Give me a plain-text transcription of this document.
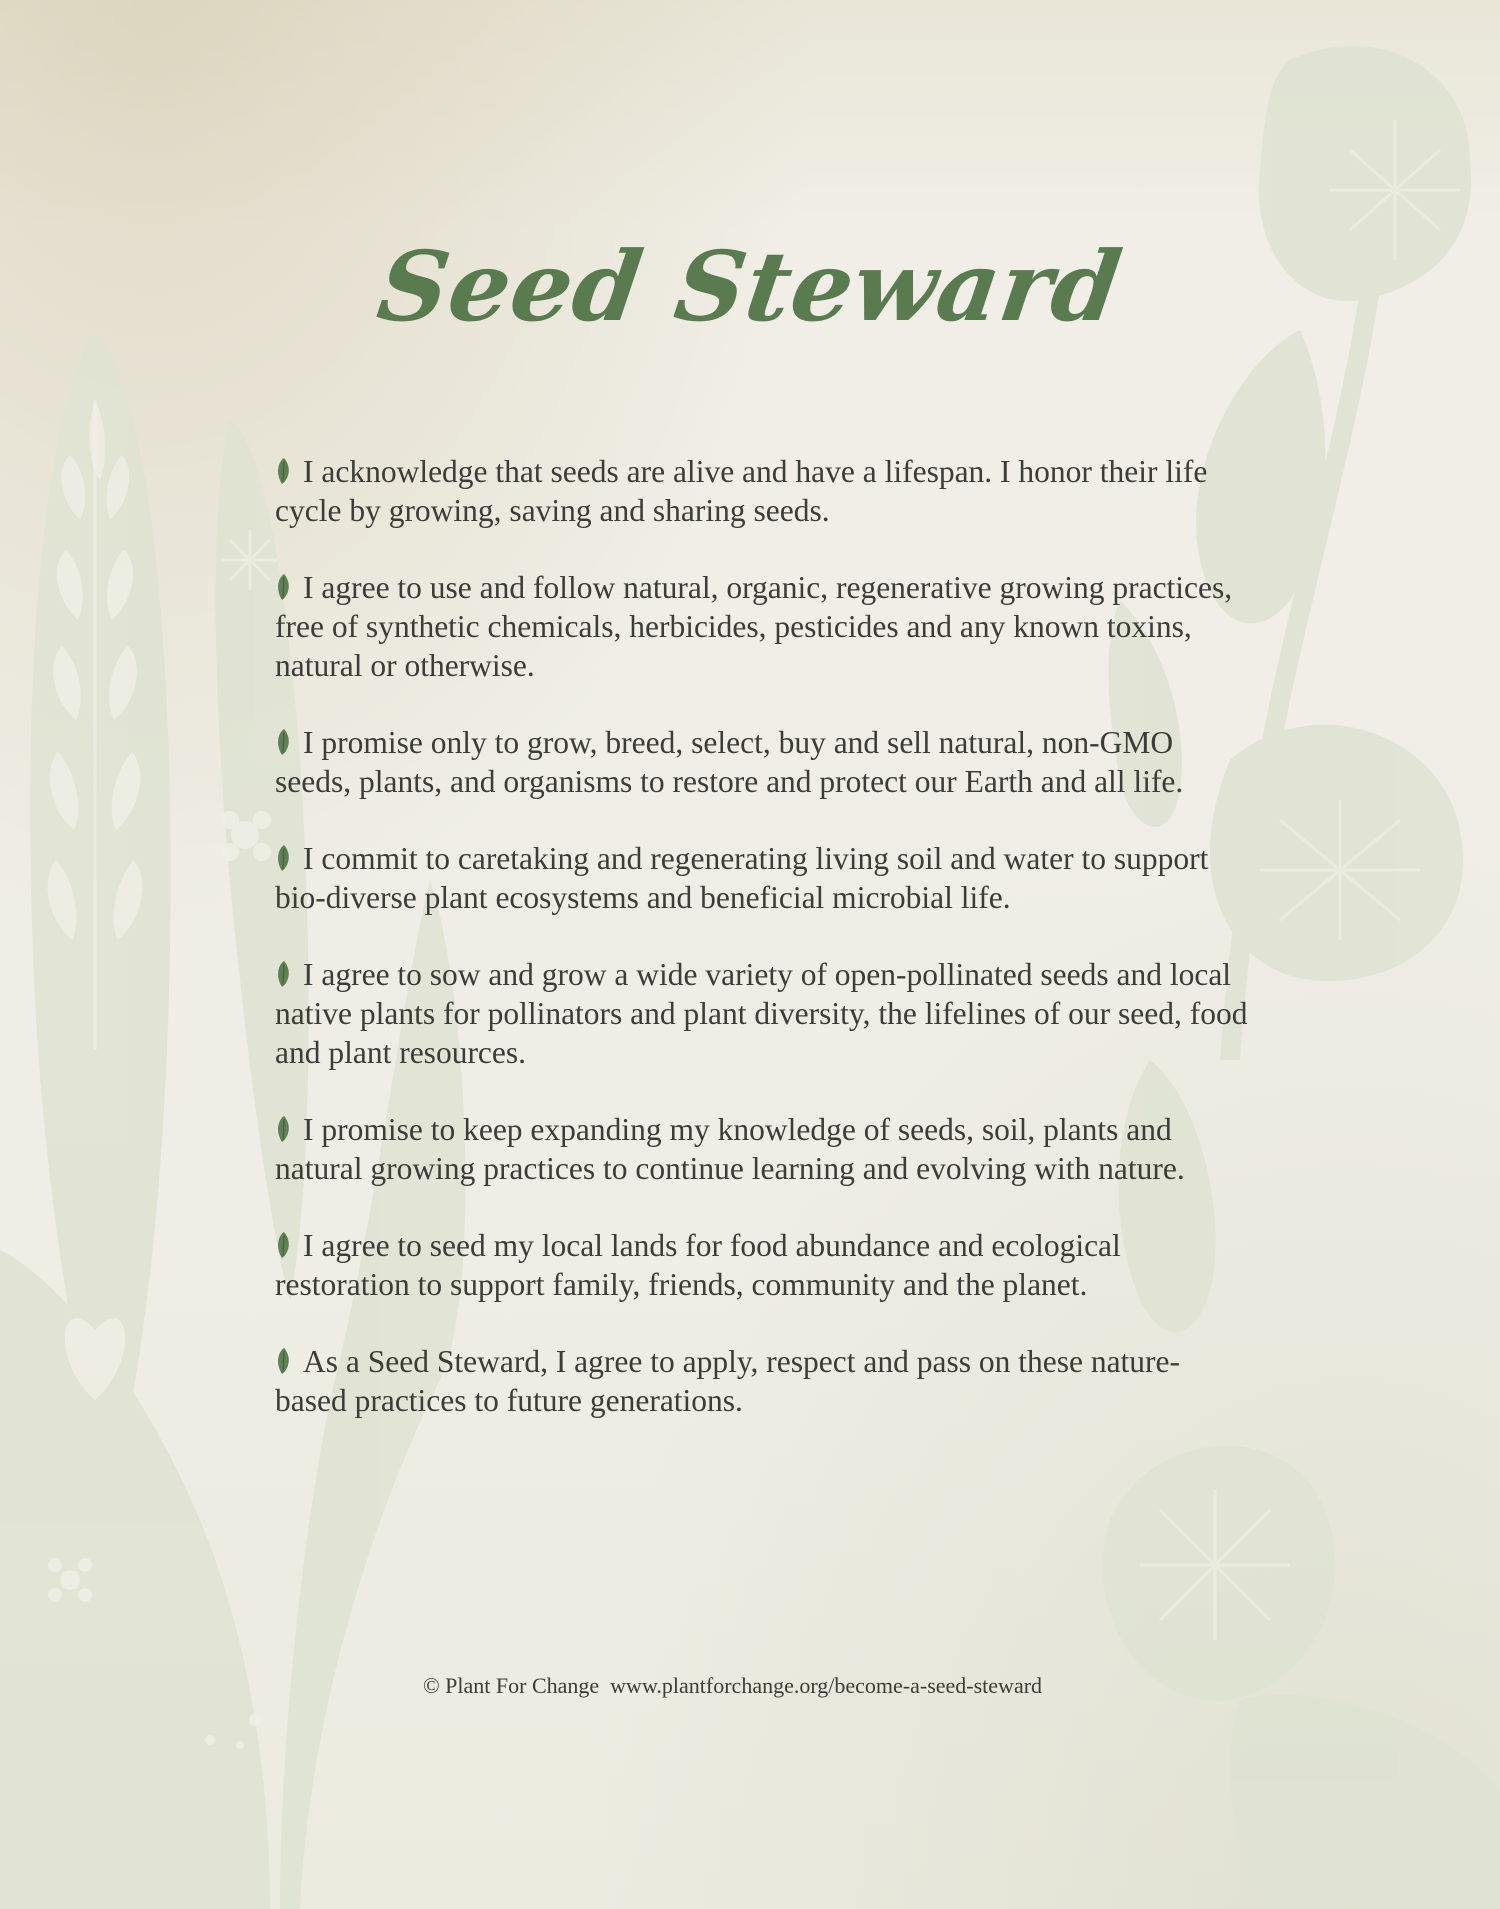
Seed Steward
I acknowledge that seeds are alive and have a lifespan. I honor their life cycle by growing, saving and sharing seeds.
I agree to use and follow natural, organic, regenerative growing practices, free of synthetic chemicals, herbicides, pesticides and any known toxins, natural or otherwise.
I promise only to grow, breed, select, buy and sell natural, non-GMO seeds, plants, and organisms to restore and protect our Earth and all life.
I commit to caretaking and regenerating living soil and water to support bio-diverse plant ecosystems and beneficial microbial life.
I agree to sow and grow a wide variety of open-pollinated seeds and local native plants for pollinators and plant diversity, the lifelines of our seed, food and plant resources.
I promise to keep expanding my knowledge of seeds, soil, plants and natural growing practices to continue learning and evolving with nature.
I agree to seed my local lands for food abundance and ecological restoration to support family, friends, community and the planet.
As a Seed Steward, I agree to apply, respect and pass on these nature-based practices to future generations.
© Plant For Change www.plantforchange.org/become-a-seed-steward
